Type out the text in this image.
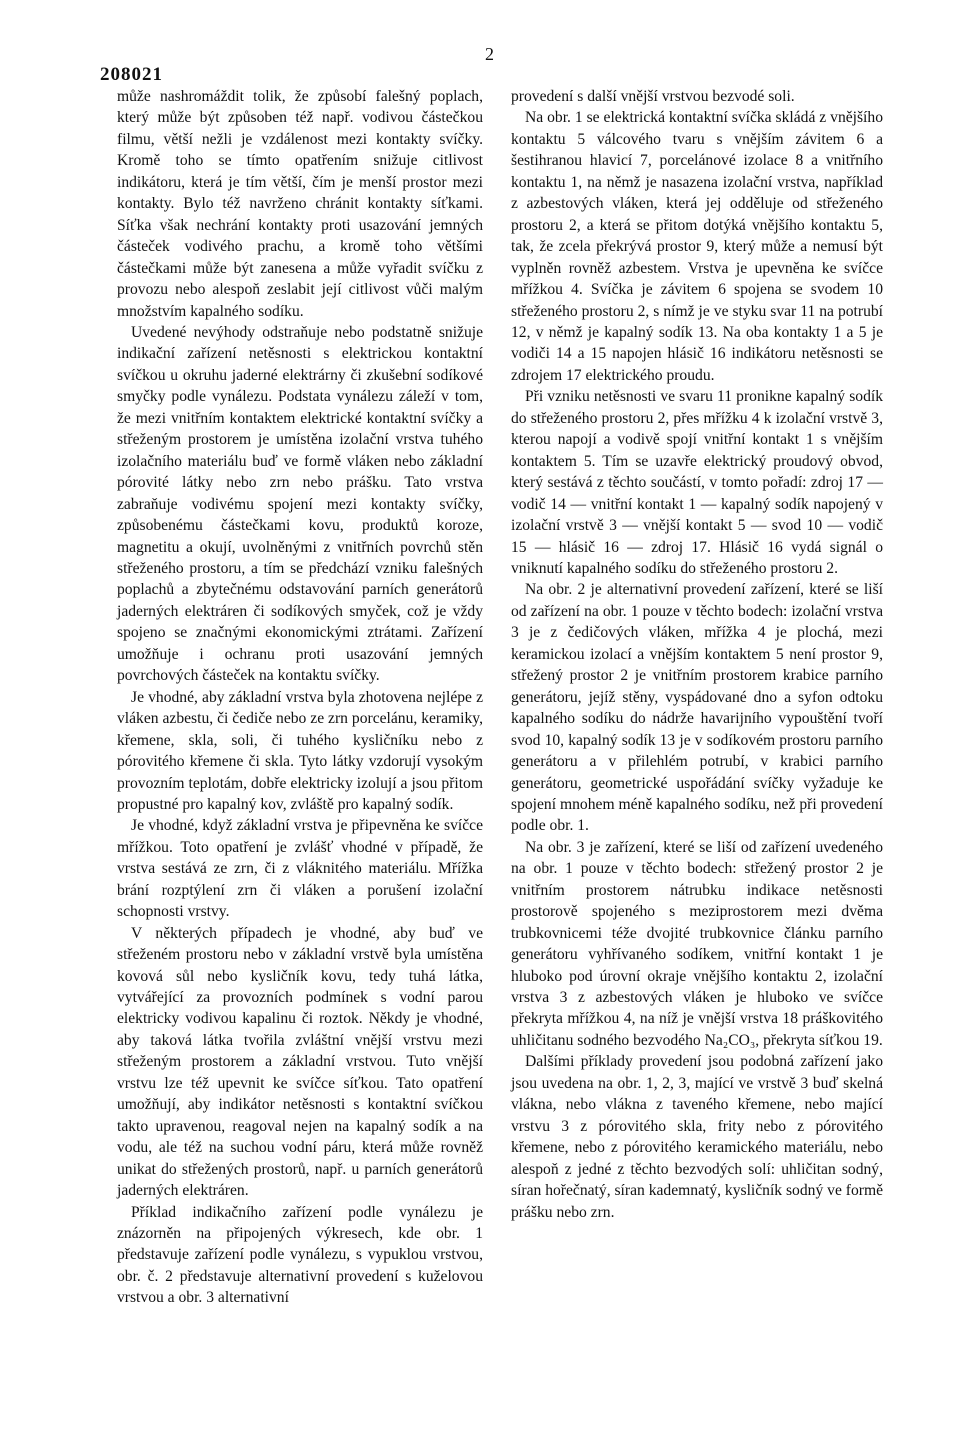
208021
2

může nashromáždit tolik, že způsobí falešný poplach, který může být způsoben též např. vodivou částečkou filmu, větší nežli je vzdálenost mezi kontakty svíčky. Kromě toho se tímto opatřením snižuje citlivost indikátoru, která je tím větší, čím je menší prostor mezi kontakty. Bylo též navrženo chránit kontakty síťkami. Síťka však nechrání kontakty proti usazování jemných částeček vodivého prachu, a kromě toho většími částečkami může být zanesena a může vyřadit svíčku z provozu nebo alespoň zeslabit její citlivost vůči malým množstvím kapalného sodíku.

Uvedené nevýhody odstraňuje nebo podstatně snižuje indikační zařízení netěsnosti s elektrickou kontaktní svíčkou u okruhu jaderné elektrárny či zkušební sodíkové smyčky podle vynálezu. Podstata vynálezu záleží v tom, že mezi vnitřním kontaktem elektrické kontaktní svíčky a střeženým prostorem je umístěna izolační vrstva tuhého izolačního materiálu buď ve formě vláken nebo základní pórovité látky nebo zrn nebo prášku. Tato vrstva zabraňuje vodivému spojení mezi kontakty svíčky, způsobenému částečkami kovu, produktů koroze, magnetitu a okují, uvolněnými z vnitřních povrchů stěn střeženého prostoru, a tím se předchází vzniku falešných poplachů a zbytečnému odstavování parních generátorů jaderných elektráren či sodíkových smyček, což je vždy spojeno se značnými ekonomickými ztrátami. Zařízení umožňuje i ochranu proti usazování jemných povrchových částeček na kontaktu svíčky.

Je vhodné, aby základní vrstva byla zhotovena nejlépe z vláken azbestu, či čediče nebo ze zrn porcelánu, keramiky, křemene, skla, soli, či tuhého kysličníku nebo z pórovitého křemene či skla. Tyto látky vzdorují vysokým provozním teplotám, dobře elektricky izolují a jsou přitom propustné pro kapalný kov, zvláště pro kapalný sodík.

Je vhodné, když základní vrstva je připevněna ke svíčce mřížkou. Toto opatření je zvlášť vhodné v případě, že vrstva sestává ze zrn, či z vláknitého materiálu. Mřížka brání rozptýlení zrn či vláken a porušení izolační schopnosti vrstvy.

V některých případech je vhodné, aby buď ve střeženém prostoru nebo v základní vrstvě byla umístěna kovová sůl nebo kysličník kovu, tedy tuhá látka, vytvářející za provozních podmínek s vodní parou elektricky vodivou kapalinu či roztok. Někdy je vhodné, aby taková látka tvořila zvláštní vnější vrstvu mezi střeženým prostorem a základní vrstvou. Tuto vnější vrstvu lze též upevnit ke svíčce síťkou. Tato opatření umožňují, aby indikátor netěsnosti s kontaktní svíčkou takto upravenou, reagoval nejen na kapalný sodík a na vodu, ale též na suchou vodní páru, která může rovněž unikat do střežených prostorů, např. u parních generátorů jaderných elektráren.

Příklad indikačního zařízení podle vynálezu je znázorněn na připojených výkresech, kde obr. 1 představuje zařízení podle vynálezu, s vypuklou vrstvou, obr. č. 2 představuje alternativní provedení s kuželovou vrstvou a obr. 3 alternativní

provedení s další vnější vrstvou bezvodé soli.

Na obr. 1 se elektrická kontaktní svíčka skládá z vnějšího kontaktu 5 válcového tvaru s vnějším závitem 6 a šestihranou hlavicí 7, porcelánové izolace 8 a vnitřního kontaktu 1, na němž je nasazena izolační vrstva, například z azbestových vláken, která jej odděluje od střeženého prostoru 2, a která se přitom dotýká vnějšího kontaktu 5, tak, že zcela překrývá prostor 9, který může a nemusí být vyplněn rovněž azbestem. Vrstva je upevněna ke svíčce mřížkou 4. Svíčka je závitem 6 spojena se svodem 10 střeženého prostoru 2, s nímž je ve styku svar 11 na potrubí 12, v němž je kapalný sodík 13. Na oba kontakty 1 a 5 je vodiči 14 a 15 napojen hlásič 16 indikátoru netěsnosti se zdrojem 17 elektrického proudu.

Při vzniku netěsnosti ve svaru 11 pronikne kapalný sodík do střeženého prostoru 2, přes mřížku 4 k izolační vrstvě 3, kterou napojí a vodivě spojí vnitřní kontakt 1 s vnějším kontaktem 5. Tím se uzavře elektrický proudový obvod, který sestává z těchto součástí, v tomto pořadí: zdroj 17 — vodič 14 — vnitřní kontakt 1 — kapalný sodík napojený v izolační vrstvě 3 — vnější kontakt 5 — svod 10 — vodič 15 — hlásič 16 — zdroj 17. Hlásič 16 vydá signál o vniknutí kapalného sodíku do střeženého prostoru 2.

Na obr. 2 je alternativní provedení zařízení, které se liší od zařízení na obr. 1 pouze v těchto bodech: izolační vrstva 3 je z čedičových vláken, mřížka 4 je plochá, mezi keramickou izolací a vnějším kontaktem 5 není prostor 9, střežený prostor 2 je vnitřním prostorem krabice parního generátoru, jejíž stěny, vyspádované dno a syfon odtoku kapalného sodíku do nádrže havarijního vypouštění tvoří svod 10, kapalný sodík 13 je v sodíkovém prostoru parního generátoru a v přilehlém potrubí, v krabici parního generátoru, geometrické uspořádání svíčky vyžaduje ke spojení mnohem méně kapalného sodíku, než při provedení podle obr. 1.

Na obr. 3 je zařízení, které se liší od zařízení uvedeného na obr. 1 pouze v těchto bodech: střežený prostor 2 je vnitřním prostorem nátrubku indikace netěsnosti prostorově spojeného s meziprostorem mezi dvěma trubkovnicemi téže dvojité trubkovnice článku parního generátoru vyhřívaného sodíkem, vnitřní kontakt 1 je hluboko pod úrovní okraje vnějšího kontaktu 2, izolační vrstva 3 z azbestových vláken je hluboko ve svíčce překryta mřížkou 4, na níž je vnější vrstva 18 práškovitého uhličitanu sodného bezvodého Na₂CO₃, překryta síťkou 19.

Dalšími příklady provedení jsou podobná zařízení jako jsou uvedena na obr. 1, 2, 3, mající ve vrstvě 3 buď skelná vlákna, nebo vlákna z taveného křemene, nebo mající vrstvu 3 z pórovitého skla, frity nebo z pórovitého křemene, nebo z pórovitého keramického materiálu, nebo alespoň z jedné z těchto bezvodých solí: uhličitan sodný, síran hořečnatý, síran kademnatý, kysličník sodný ve formě prášku nebo zrn.
